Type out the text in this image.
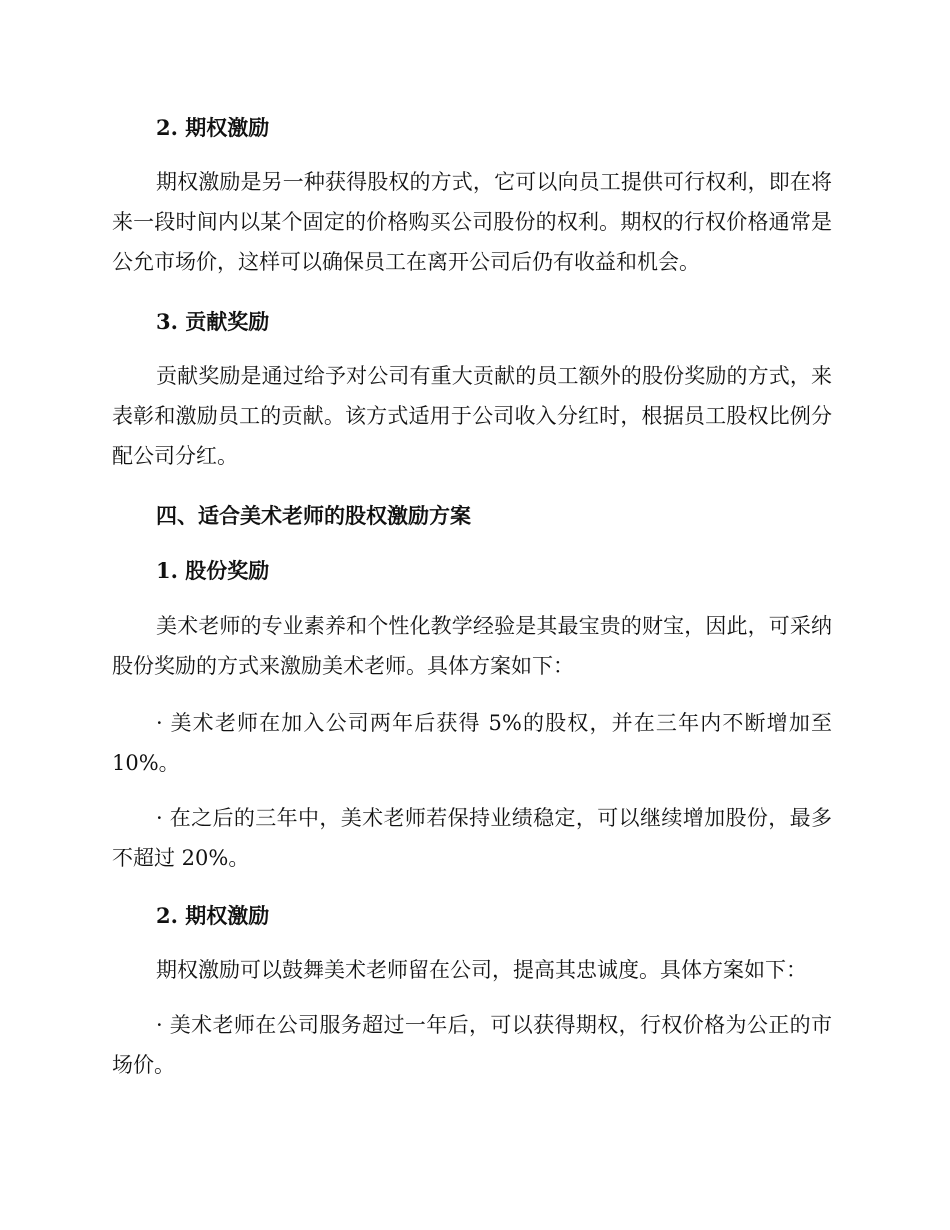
2. 期权激励

期权激励是另一种获得股权的方式，它可以向员工提供可行权利，即在将来一段时间内以某个固定的价格购买公司股份的权利。期权的行权价格通常是公允市场价，这样可以确保员工在离开公司后仍有收益和机会。

3. 贡献奖励

贡献奖励是通过给予对公司有重大贡献的员工额外的股份奖励的方式，来表彰和激励员工的贡献。该方式适用于公司收入分红时，根据员工股权比例分配公司分红。

四、适合美术老师的股权激励方案
1. 股份奖励

美术老师的专业素养和个性化教学经验是其最宝贵的财宝，因此，可采纳股份奖励的方式来激励美术老师。具体方案如下：

· 美术老师在加入公司两年后获得 5%的股权，并在三年内不断增加至 10%。

· 在之后的三年中，美术老师若保持业绩稳定，可以继续增加股份，最多不超过 20%。

2. 期权激励

期权激励可以鼓舞美术老师留在公司，提高其忠诚度。具体方案如下：

· 美术老师在公司服务超过一年后，可以获得期权，行权价格为公正的市场价。
